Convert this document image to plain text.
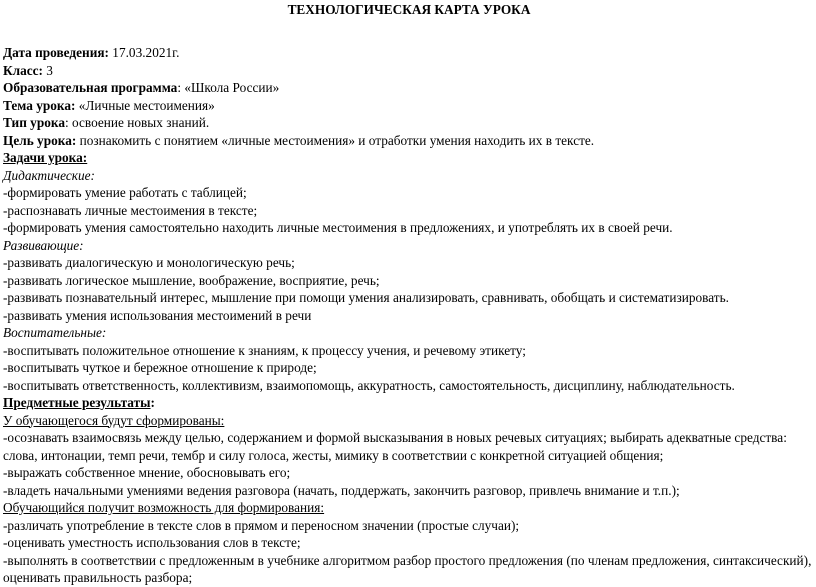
ТЕХНОЛОГИЧЕСКАЯ КАРТА УРОКА
Дата проведения: 17.03.2021г.
Класс: 3
Образовательная программа: «Школа России»
Тема урока: «Личные местоимения»
Тип урока: освоение новых знаний.
Цель урока: познакомить с понятием «личные местоимения» и отработки умения находить их в тексте.
Задачи урока:
Дидактические:
-формировать умение работать с таблицей;
-распознавать личные местоимения в тексте;
-формировать умения самостоятельно находить личные местоимения в предложениях, и употреблять их в своей речи.
Развивающие:
-развивать диалогическую и монологическую речь;
-развивать логическое мышление, воображение, восприятие, речь;
-развивать познавательный интерес, мышление при помощи умения анализировать, сравнивать, обобщать и систематизировать.
-развивать умения использования местоимений в речи
Воспитательные:
-воспитывать положительное отношение к знаниям, к процессу учения, и речевому этикету;
-воспитывать чуткое и бережное отношение к природе;
-воспитывать ответственность, коллективизм, взаимопомощь, аккуратность, самостоятельность, дисциплину, наблюдательность.
Предметные результаты:
У обучающегося будут сформированы:
-осознавать взаимосвязь между целью, содержанием и формой высказывания в новых речевых ситуациях; выбирать адекватные средства: слова, интонации, темп речи, тембр и силу голоса, жесты, мимику в соответствии с конкретной ситуацией общения;
-выражать собственное мнение, обосновывать его;
-владеть начальными умениями ведения разговора (начать, поддержать, закончить разговор, привлечь внимание и т.п.);
Обучающийся получит возможность для формирования:
-различать употребление в тексте слов в прямом и переносном значении (простые случаи);
-оценивать уместность использования слов в тексте;
-выполнять в соответствии с предложенным в учебнике алгоритмом разбор простого предложения (по членам предложения, синтаксический), оценивать правильность разбора;
